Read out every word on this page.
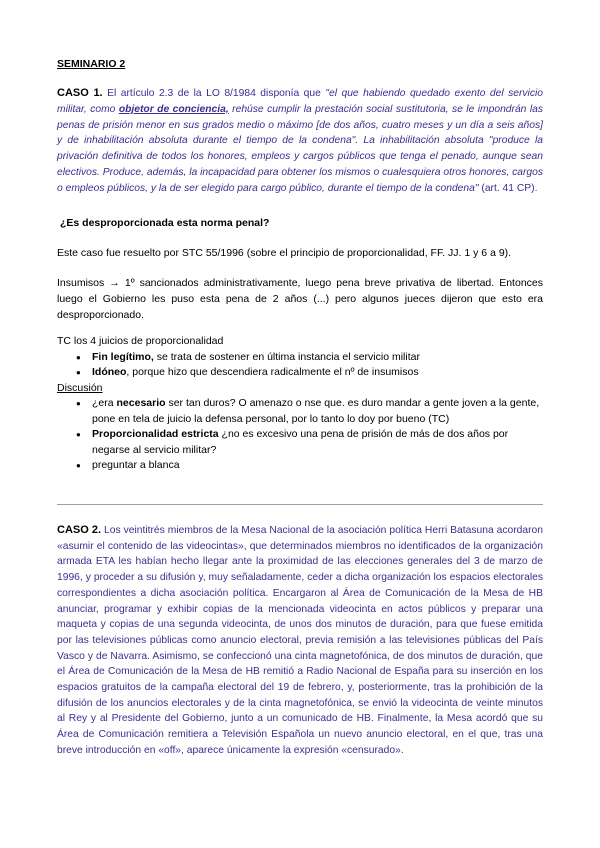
SEMINARIO 2

CASO 1. El artículo 2.3 de la LO 8/1984 disponía que "el que habiendo quedado exento del servicio militar, como objetor de conciencia, rehúse cumplir la prestación social sustitutoria, se le impondrán las penas de prisión menor en sus grados medio o máximo [de dos años, cuatro meses y un día a seis años] y de inhabilitación absoluta durante el tiempo de la condena". La inhabilitación absoluta "produce la privación definitiva de todos los honores, empleos y cargos públicos que tenga el penado, aunque sean electivos. Produce, además, la incapacidad para obtener los mismos o cualesquiera otros honores, cargos o empleos públicos, y la de ser elegido para cargo público, durante el tiempo de la condena" (art. 41 CP).

¿Es desproporcionada esta norma penal?
Este caso fue resuelto por STC 55/1996 (sobre el principio de proporcionalidad, FF. JJ. 1 y 6 a 9).
Insumisos → 1º sancionados administrativamente, luego pena breve privativa de libertad. Entonces luego el Gobierno les puso esta pena de 2 años (...) pero algunos jueces dijeron que esto era desproporcionado.

TC los 4 juicios de proporcionalidad

● Fin legítimo, se trata de sostener en última instancia el servicio militar
● Idóneo, porque hizo que descendiera radicalmente el nº de insumisos

Discusión

● ¿era necesario ser tan duros? O amenazo o nse que. es duro mandar a gente joven a la gente, pone en tela de juicio la defensa personal, por lo tanto lo doy por bueno (TC)
● Proporcionalidad estricta ¿no es excesivo una pena de prisión de más de dos años por negarse al servicio militar?
● preguntar a blanca

CASO 2. Los veintitrés miembros de la Mesa Nacional de la asociación política Herri Batasuna acordaron «asumir el contenido de las videocintas», que determinados miembros no identificados de la organización armada ETA les habían hecho llegar ante la proximidad de las elecciones generales del 3 de marzo de 1996, y proceder a su difusión y, muy señaladamente, ceder a dicha organización los espacios electorales correspondientes a dicha asociación política. Encargaron al Área de Comunicación de la Mesa de HB anunciar, programar y exhibir copias de la mencionada videocinta en actos públicos y preparar una maqueta y copias de una segunda videocinta, de unos dos minutos de duración, para que fuese emitida por las televisiones públicas como anuncio electoral, previa remisión a las televisiones públicas del País Vasco y de Navarra. Asimismo, se confeccionó una cinta magnetofónica, de dos minutos de duración, que el Área de Comunicación de la Mesa de HB remitió a Radio Nacional de España para su inserción en los espacios gratuitos de la campaña electoral del 19 de febrero, y, posteriormente, tras la prohibición de la difusión de los anuncios electorales y de la cinta magnetofónica, se envió la videocinta de veinte minutos al Rey y al Presidente del Gobierno, junto a un comunicado de HB. Finalmente, la Mesa acordó que su Área de Comunicación remitiera a Televisión Española un nuevo anuncio electoral, en el que, tras una breve introducción en «off», aparece únicamente la expresión «censurado».
